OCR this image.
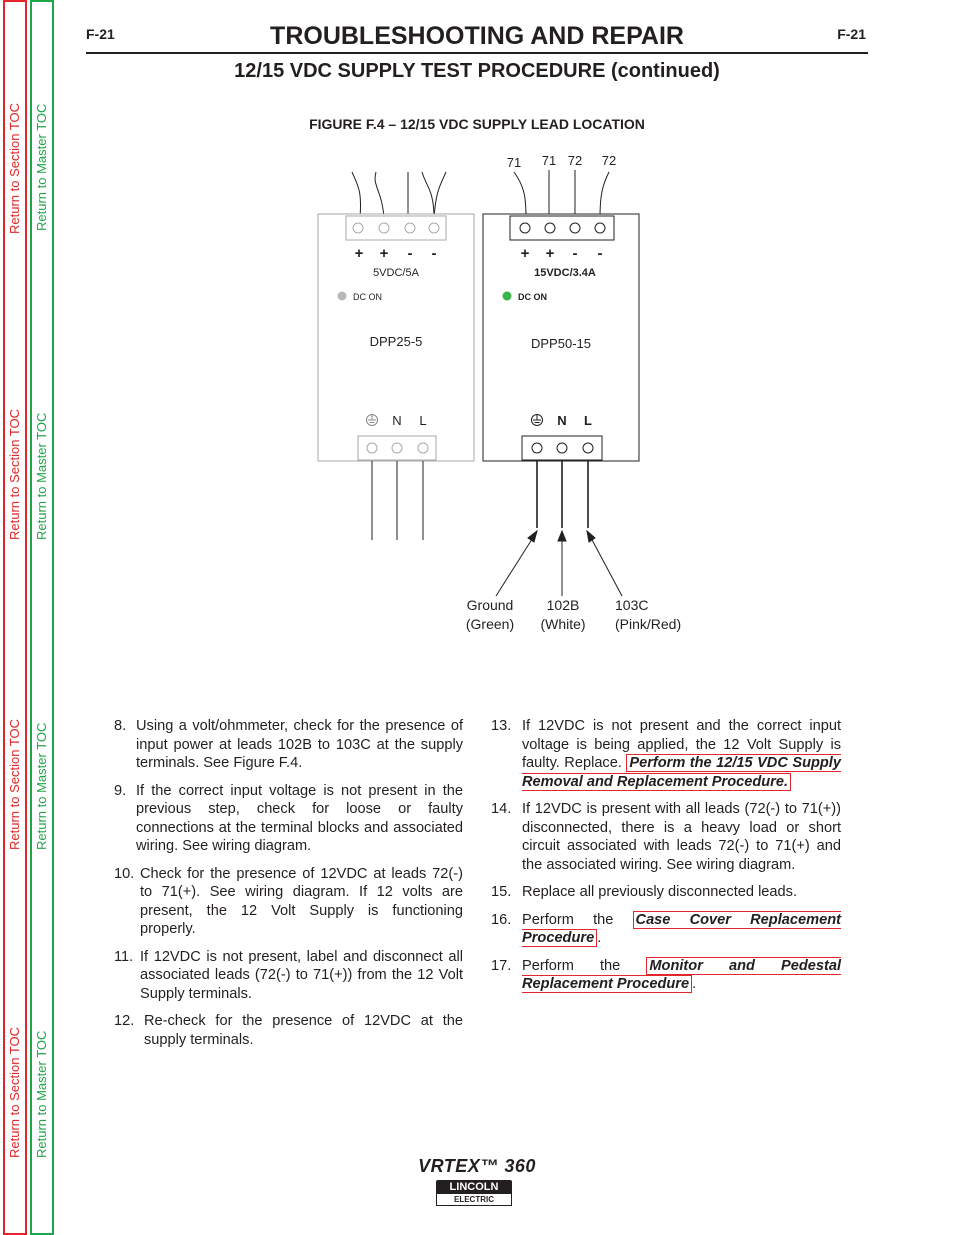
Return to Section TOC
Return to Section TOC
Return to Section TOC
Return to Section TOC
Return to Master TOC
Return to Master TOC
Return to Master TOC
Return to Master TOC
F-21	F-21
TROUBLESHOOTING AND REPAIR
12/15 VDC SUPPLY TEST PROCEDURE (continued)
FIGURE F.4 – 12/15 VDC SUPPLY LEAD LOCATION
71 71 72 72
+ + - -
5VDC/5A
DC ON
DPP25-5
N L
+ + - -
15VDC/3.4A
DC ON
DPP50-15
N L
Ground
(Green)
102B
(White)
103C
(Pink/Red)
8. Using a volt/ohmmeter, check for the presence of input power at leads 102B to 103C at the supply terminals. See Figure F.4.
9. If the correct input voltage is not present in the previous step, check for loose or faulty connections at the terminal blocks and associated wiring. See wiring diagram.
10. Check for the presence of 12VDC at leads 72(-) to 71(+). See wiring diagram. If 12 volts are present, the 12 Volt Supply is functioning properly.
11. If 12VDC is not present, label and disconnect all associated leads (72(-) to 71(+)) from the 12 Volt Supply terminals.
12. Re-check for the presence of 12VDC at the supply terminals.
13. If 12VDC is not present and the correct input voltage is being applied, the 12 Volt Supply is faulty. Replace. Perform the 12/15 VDC Supply Removal and Replacement Procedure.
14. If 12VDC is present with all leads (72(-) to 71(+)) disconnected, there is a heavy load or short circuit associated with leads 72(-) to 71(+) and the associated wiring. See wiring diagram.
15. Replace all previously disconnected leads.
16. Perform the Case Cover Replacement Procedure .
17. Perform the Monitor and Pedestal Replacement Procedure .
VRTEX™ 360
LINCOLN
ELECTRIC
